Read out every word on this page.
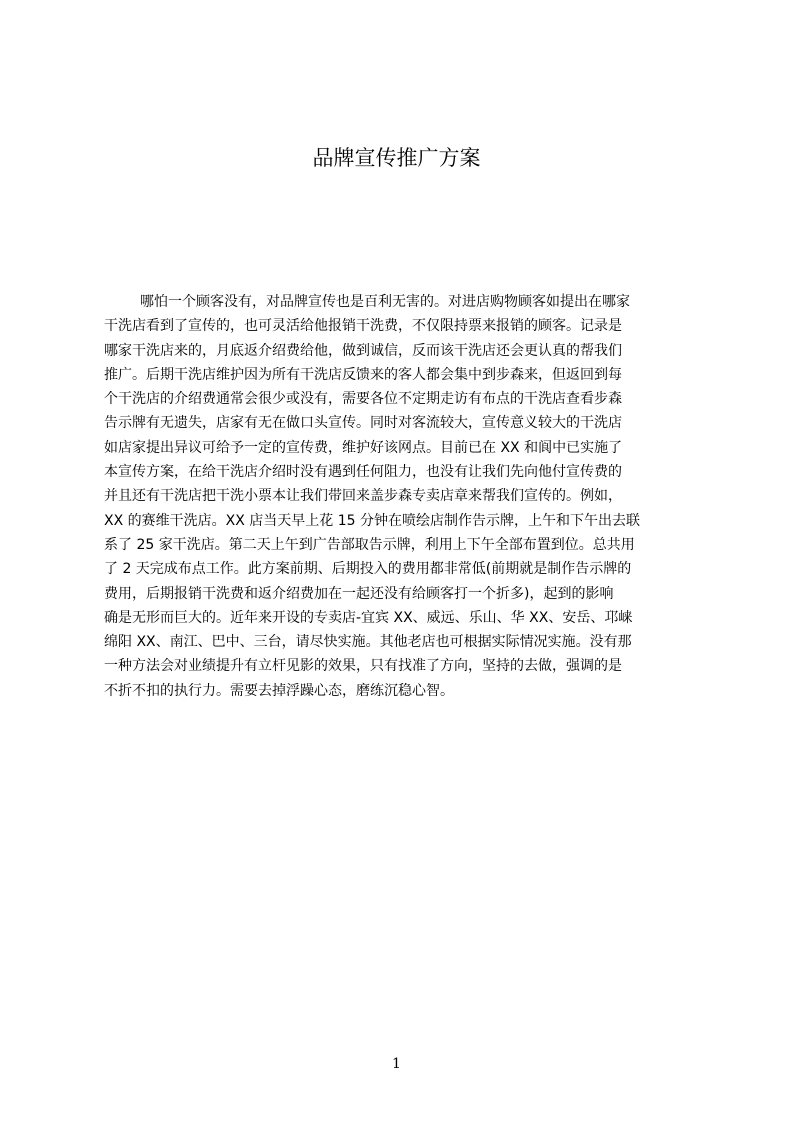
品牌宣传推广方案
哪怕一个顾客没有，对品牌宣传也是百利无害的。对进店购物顾客如提出在哪家
干洗店看到了宣传的，也可灵活给他报销干洗费，不仅限持票来报销的顾客。记录是
哪家干洗店来的，月底返介绍费给他，做到诚信，反而该干洗店还会更认真的帮我们
推广。后期干洗店维护因为所有干洗店反馈来的客人都会集中到步森来，但返回到每
个干洗店的介绍费通常会很少或没有，需要各位不定期走访有布点的干洗店查看步森
告示牌有无遗失，店家有无在做口头宣传。同时对客流较大，宣传意义较大的干洗店
如店家提出异议可给予一定的宣传费，维护好该网点。目前已在 XX 和阆中已实施了
本宣传方案，在给干洗店介绍时没有遇到任何阻力，也没有让我们先向他付宣传费的
并且还有干洗店把干洗小票本让我们带回来盖步森专卖店章来帮我们宣传的。例如，
XX 的赛维干洗店。XX 店当天早上花 15 分钟在喷绘店制作告示牌，上午和下午出去联
系了 25 家干洗店。第二天上午到广告部取告示牌，利用上下午全部布置到位。总共用
了 2 天完成布点工作。此方案前期、后期投入的费用都非常低(前期就是制作告示牌的
费用，后期报销干洗费和返介绍费加在一起还没有给顾客打一个折多)，起到的影响
确是无形而巨大的。近年来开设的专卖店-宜宾 XX、威远、乐山、华 XX、安岳、邛崃
绵阳 XX、南江、巴中、三台，请尽快实施。其他老店也可根据实际情况实施。没有那
一种方法会对业绩提升有立杆见影的效果，只有找准了方向，坚持的去做，强调的是
不折不扣的执行力。需要去掉浮躁心态，磨练沉稳心智。
1
